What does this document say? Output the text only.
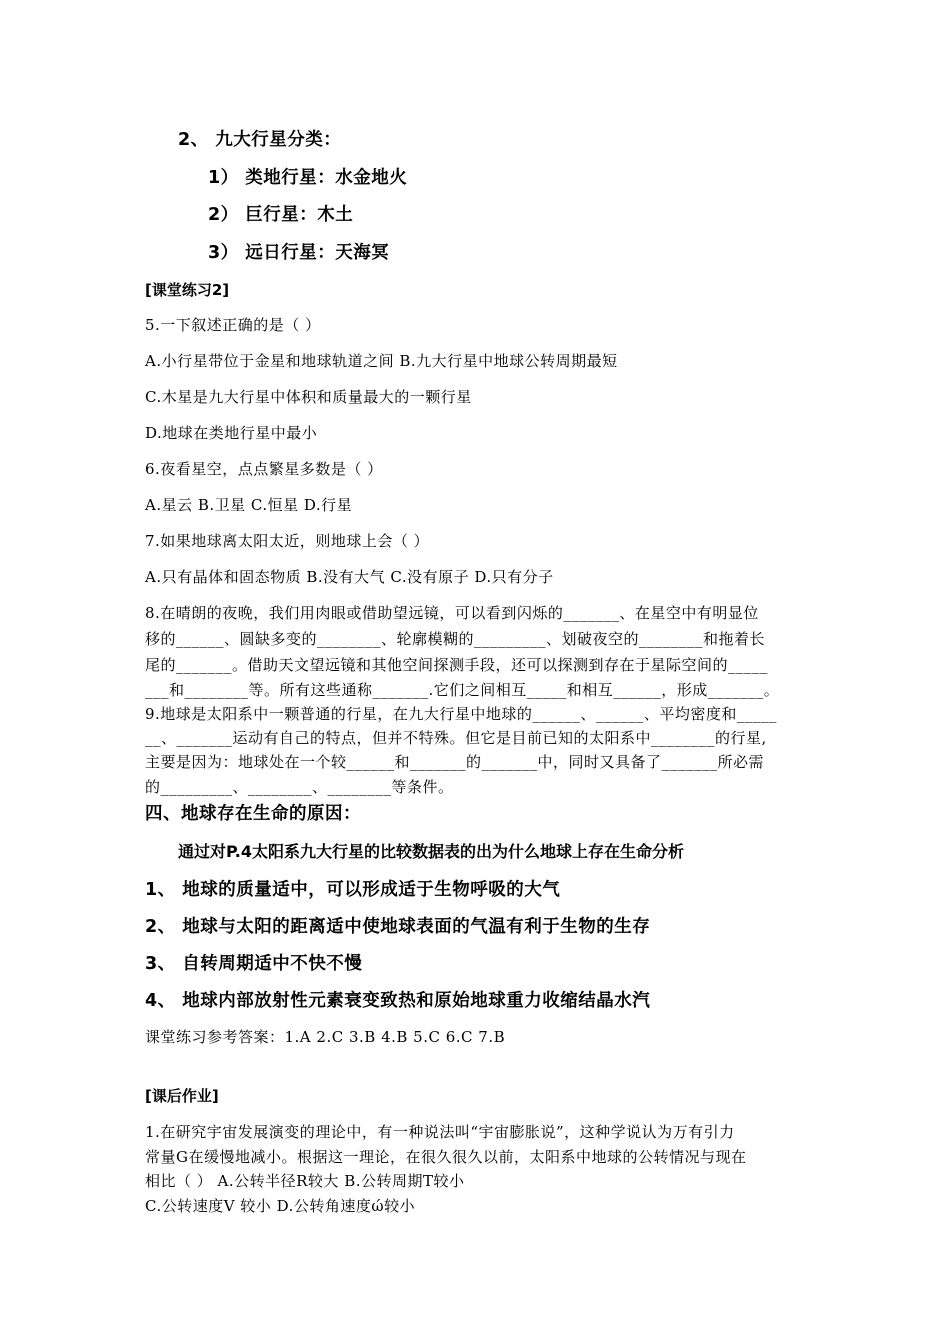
2、 九大行星分类：
1） 类地行星：水金地火
2） 巨行星：木土
3） 远日行星：天海冥
[课堂练习2]
5.一下叙述正确的是（ ）
A.小行星带位于金星和地球轨道之间 B.九大行星中地球公转周期最短
C.木星是九大行星中体积和质量最大的一颗行星
D.地球在类地行星中最小
6.夜看星空，点点繁星多数是（ ）
A.星云 B.卫星 C.恒星 D.行星
7.如果地球离太阳太近，则地球上会（ ）
A.只有晶体和固态物质 B.没有大气 C.没有原子 D.只有分子
8.在晴朗的夜晚，我们用肉眼或借助望远镜，可以看到闪烁的_______、在星空中有明显位
移的______、圆缺多变的________、轮廓模糊的_________、划破夜空的________和拖着长
尾的_______。借助天文望远镜和其他空间探测手段，还可以探测到存在于星际空间的_____
___和________等。所有这些通称_______.它们之间相互_____和相互______，形成_______。
9.地球是太阳系中一颗普通的行星，在九大行星中地球的______、______、平均密度和_____
__、_______运动有自己的特点，但并不特殊。但它是目前已知的太阳系中________的行星,
主要是因为：地球处在一个较______和_______的_______中，同时又具备了_______所必需
的_________、________、________等条件。
四、地球存在生命的原因：
通过对P.4太阳系九大行星的比较数据表的出为什么地球上存在生命分析
1、 地球的质量适中，可以形成适于生物呼吸的大气
2、 地球与太阳的距离适中使地球表面的气温有利于生物的生存
3、 自转周期适中不快不慢
4、 地球内部放射性元素衰变致热和原始地球重力收缩结晶水汽
课堂练习参考答案：1.A 2.C 3.B 4.B 5.C 6.C 7.B
[课后作业]
1.在研究宇宙发展演变的理论中，有一种说法叫“宇宙膨胀说”，这种学说认为万有引力
常量G在缓慢地减小。根据这一理论，在很久很久以前，太阳系中地球的公转情况与现在
相比（ ） A.公转半径R较大 B.公转周期T较小
C.公转速度V 较小 D.公转角速度ώ较小
